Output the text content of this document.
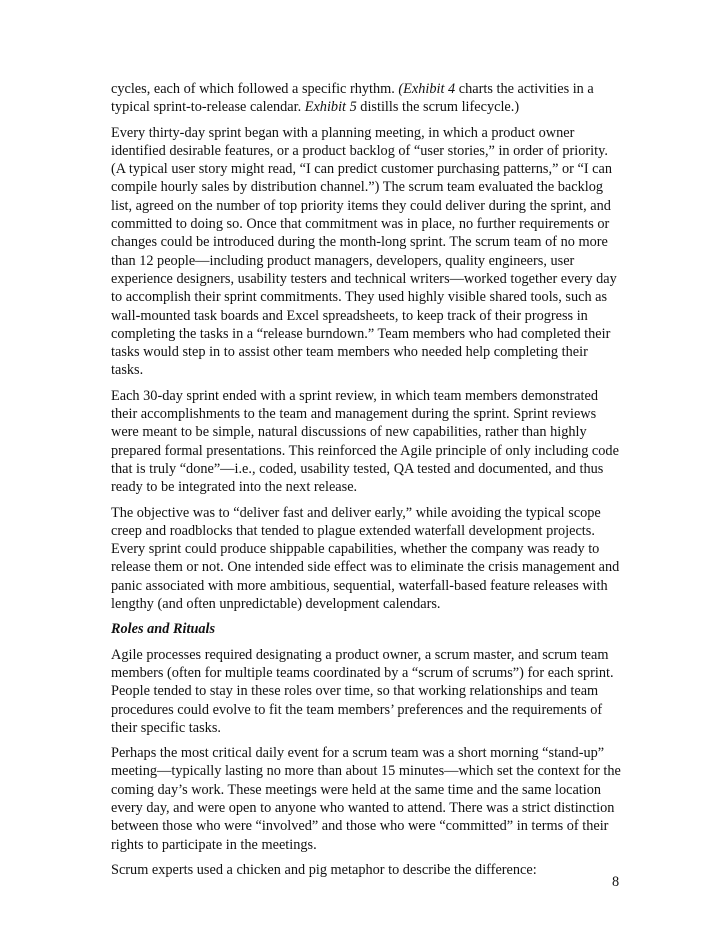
cycles, each of which followed a specific rhythm. (Exhibit 4 charts the activities in a typical sprint-to-release calendar. Exhibit 5 distills the scrum lifecycle.)

Every thirty-day sprint began with a planning meeting, in which a product owner identified desirable features, or a product backlog of “user stories,” in order of priority. (A typical user story might read, “I can predict customer purchasing patterns,” or “I can compile hourly sales by distribution channel.”) The scrum team evaluated the backlog list, agreed on the number of top priority items they could deliver during the sprint, and committed to doing so. Once that commitment was in place, no further requirements or changes could be introduced during the month-long sprint. The scrum team of no more than 12 people—including product managers, developers, quality engineers, user experience designers, usability testers and technical writers—worked together every day to accomplish their sprint commitments. They used highly visible shared tools, such as wall-mounted task boards and Excel spreadsheets, to keep track of their progress in completing the tasks in a “release burndown.” Team members who had completed their tasks would step in to assist other team members who needed help completing their tasks.

Each 30-day sprint ended with a sprint review, in which team members demonstrated their accomplishments to the team and management during the sprint. Sprint reviews were meant to be simple, natural discussions of new capabilities, rather than highly prepared formal presentations. This reinforced the Agile principle of only including code that is truly “done”—i.e., coded, usability tested, QA tested and documented, and thus ready to be integrated into the next release.

The objective was to “deliver fast and deliver early,” while avoiding the typical scope creep and roadblocks that tended to plague extended waterfall development projects. Every sprint could produce shippable capabilities, whether the company was ready to release them or not. One intended side effect was to eliminate the crisis management and panic associated with more ambitious, sequential, waterfall-based feature releases with lengthy (and often unpredictable) development calendars.

Roles and Rituals

Agile processes required designating a product owner, a scrum master, and scrum team members (often for multiple teams coordinated by a “scrum of scrums”) for each sprint. People tended to stay in these roles over time, so that working relationships and team procedures could evolve to fit the team members’ preferences and the requirements of their specific tasks.

Perhaps the most critical daily event for a scrum team was a short morning “stand-up” meeting—typically lasting no more than about 15 minutes—which set the context for the coming day’s work. These meetings were held at the same time and the same location every day, and were open to anyone who wanted to attend. There was a strict distinction between those who were “involved” and those who were “committed” in terms of their rights to participate in the meetings.

Scrum experts used a chicken and pig metaphor to describe the difference:

8
